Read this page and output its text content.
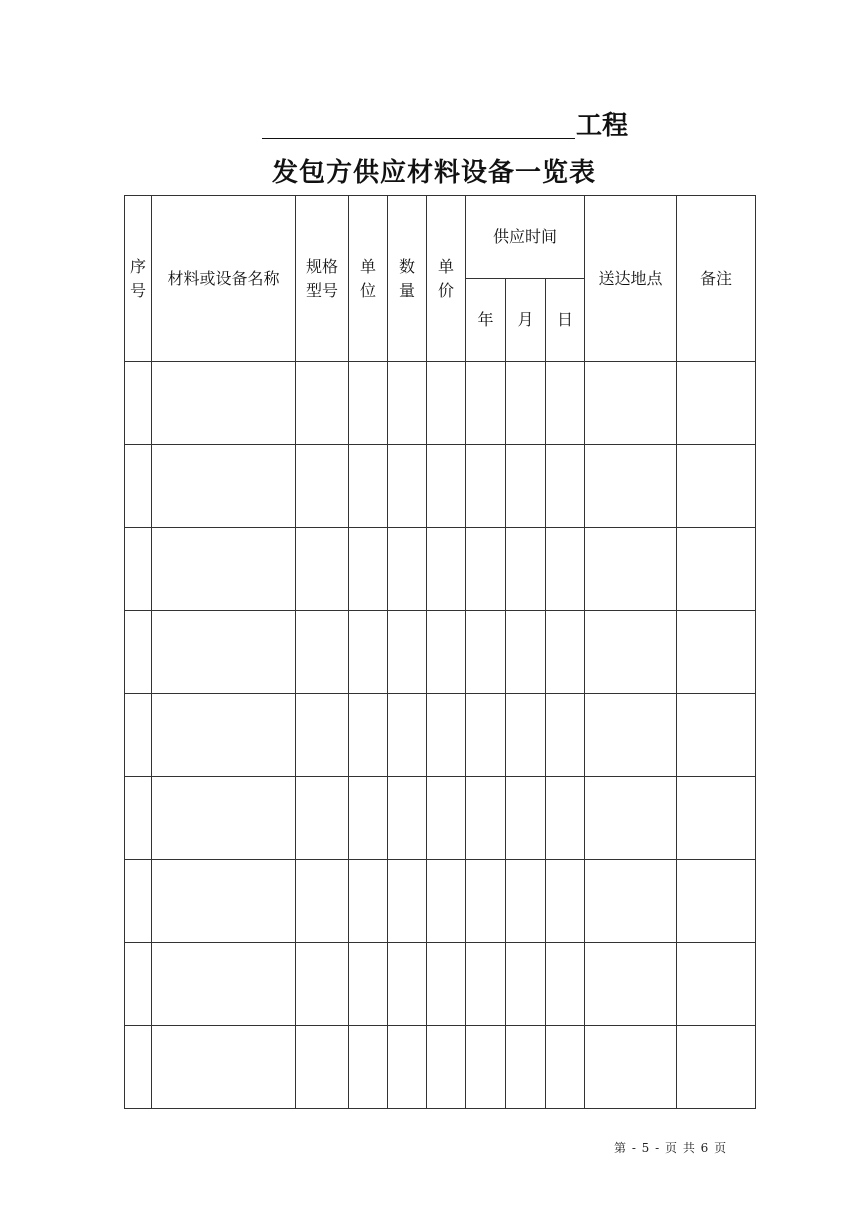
工程
发包方供应材料设备一览表
序号	材料或设备名称	规格型号	单位	数量	单价	供应时间			送达地点	备注
						年	月	日		

第 - 5 - 页 共 6 页
